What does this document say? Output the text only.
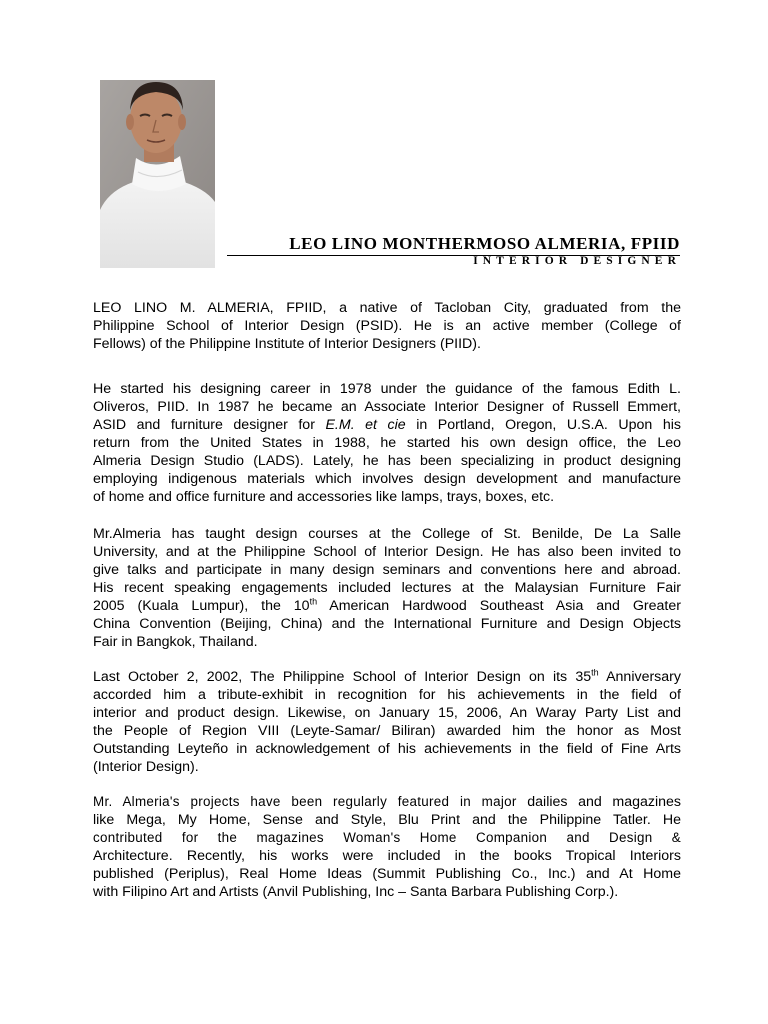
LEO LINO MONTHERMOSO ALMERIA, FPIID
INTERIOR DESIGNER

LEO LINO M. ALMERIA, FPIID, a native of Tacloban City, graduated from the
Philippine School of Interior Design (PSID). He is an active member (College of
Fellows) of the Philippine Institute of Interior Designers (PIID).

He started his designing career in 1978 under the guidance of the famous Edith L.
Oliveros, PIID. In 1987 he became an Associate Interior Designer of Russell Emmert,
ASID and furniture designer for E.M. et cie in Portland, Oregon, U.S.A. Upon his
return from the United States in 1988, he started his own design office, the Leo
Almeria Design Studio (LADS). Lately, he has been specializing in product designing
employing indigenous materials which involves design development and manufacture
of home and office furniture and accessories like lamps, trays, boxes, etc.

Mr.Almeria has taught design courses at the College of St. Benilde, De La Salle
University, and at the Philippine School of Interior Design. He has also been invited to
give talks and participate in many design seminars and conventions here and abroad.
His recent speaking engagements included lectures at the Malaysian Furniture Fair
2005 (Kuala Lumpur), the 10th American Hardwood Southeast Asia and Greater
China Convention (Beijing, China) and the International Furniture and Design Objects
Fair in Bangkok, Thailand.

Last October 2, 2002, The Philippine School of Interior Design on its 35th Anniversary
accorded him a tribute-exhibit in recognition for his achievements in the field of
interior and product design. Likewise, on January 15, 2006, An Waray Party List and
the People of Region VIII (Leyte-Samar/ Biliran) awarded him the honor as Most
Outstanding Leyteño in acknowledgement of his achievements in the field of Fine Arts
(Interior Design).

Mr. Almeria's projects have been regularly featured in major dailies and magazines
like Mega, My Home, Sense and Style, Blu Print and the Philippine Tatler. He
contributed for the magazines Woman's Home Companion and Design &
Architecture. Recently, his works were included in the books Tropical Interiors
published (Periplus), Real Home Ideas (Summit Publishing Co., Inc.) and At Home
with Filipino Art and Artists (Anvil Publishing, Inc – Santa Barbara Publishing Corp.).
